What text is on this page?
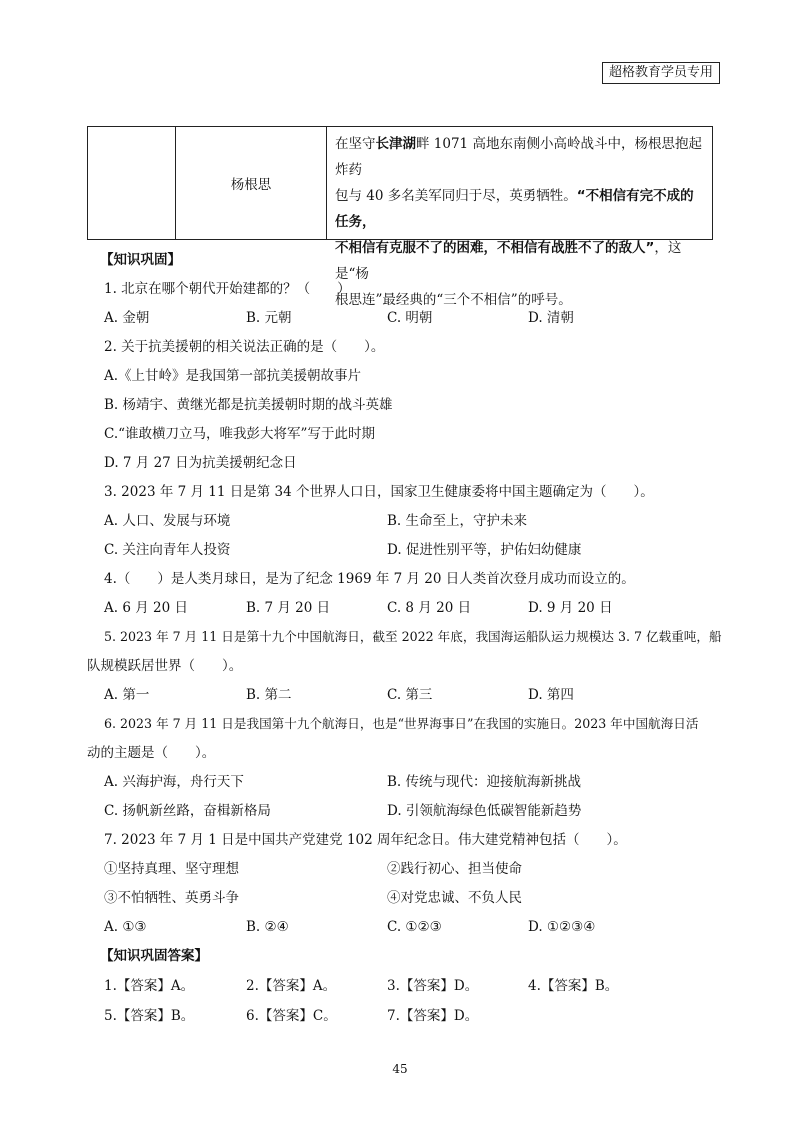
超格教育学员专用
杨根思
在坚守长津湖畔 1071 高地东南侧小高岭战斗中，杨根思抱起炸药
包与 40 多名美军同归于尽，英勇牺牲。“不相信有完不成的任务，
不相信有克服不了的困难，不相信有战胜不了的敌人”，这是“杨
根思连”最经典的“三个不相信”的呼号。
【知识巩固】
1. 北京在哪个朝代开始建都的？（　　）
A. 金朝	B. 元朝	C. 明朝	D. 清朝
2. 关于抗美援朝的相关说法正确的是（　　）。
A.《上甘岭》是我国第一部抗美援朝故事片
B. 杨靖宇、黄继光都是抗美援朝时期的战斗英雄
C.“谁敢横刀立马，唯我彭大将军”写于此时期
D. 7 月 27 日为抗美援朝纪念日
3. 2023 年 7 月 11 日是第 34 个世界人口日，国家卫生健康委将中国主题确定为（　　）。
A. 人口、发展与环境	B. 生命至上，守护未来
C. 关注向青年人投资	D. 促进性别平等，护佑妇幼健康
4.（　　）是人类月球日，是为了纪念 1969 年 7 月 20 日人类首次登月成功而设立的。
A. 6 月 20 日	B. 7 月 20 日	C. 8 月 20 日	D. 9 月 20 日
5. 2023 年 7 月 11 日是第十九个中国航海日，截至 2022 年底，我国海运船队运力规模达 3. 7 亿载重吨，船
队规模跃居世界（　　）。
A. 第一	B. 第二	C. 第三	D. 第四
6. 2023 年 7 月 11 日是我国第十九个航海日，也是“世界海事日”在我国的实施日。2023 年中国航海日活
动的主题是（　　）。
A. 兴海护海，舟行天下	B. 传统与现代：迎接航海新挑战
C. 扬帆新丝路，奋楫新格局	D. 引领航海绿色低碳智能新趋势
7. 2023 年 7 月 1 日是中国共产党建党 102 周年纪念日。伟大建党精神包括（　　）。
①坚持真理、坚守理想	②践行初心、担当使命
③不怕牺牲、英勇斗争	④对党忠诚、不负人民
A. ①③	B. ②④	C. ①②③	D. ①②③④
【知识巩固答案】
1.【答案】A。	2.【答案】A。	3.【答案】D。	4.【答案】B。
5.【答案】B。	6.【答案】C。	7.【答案】D。
45
